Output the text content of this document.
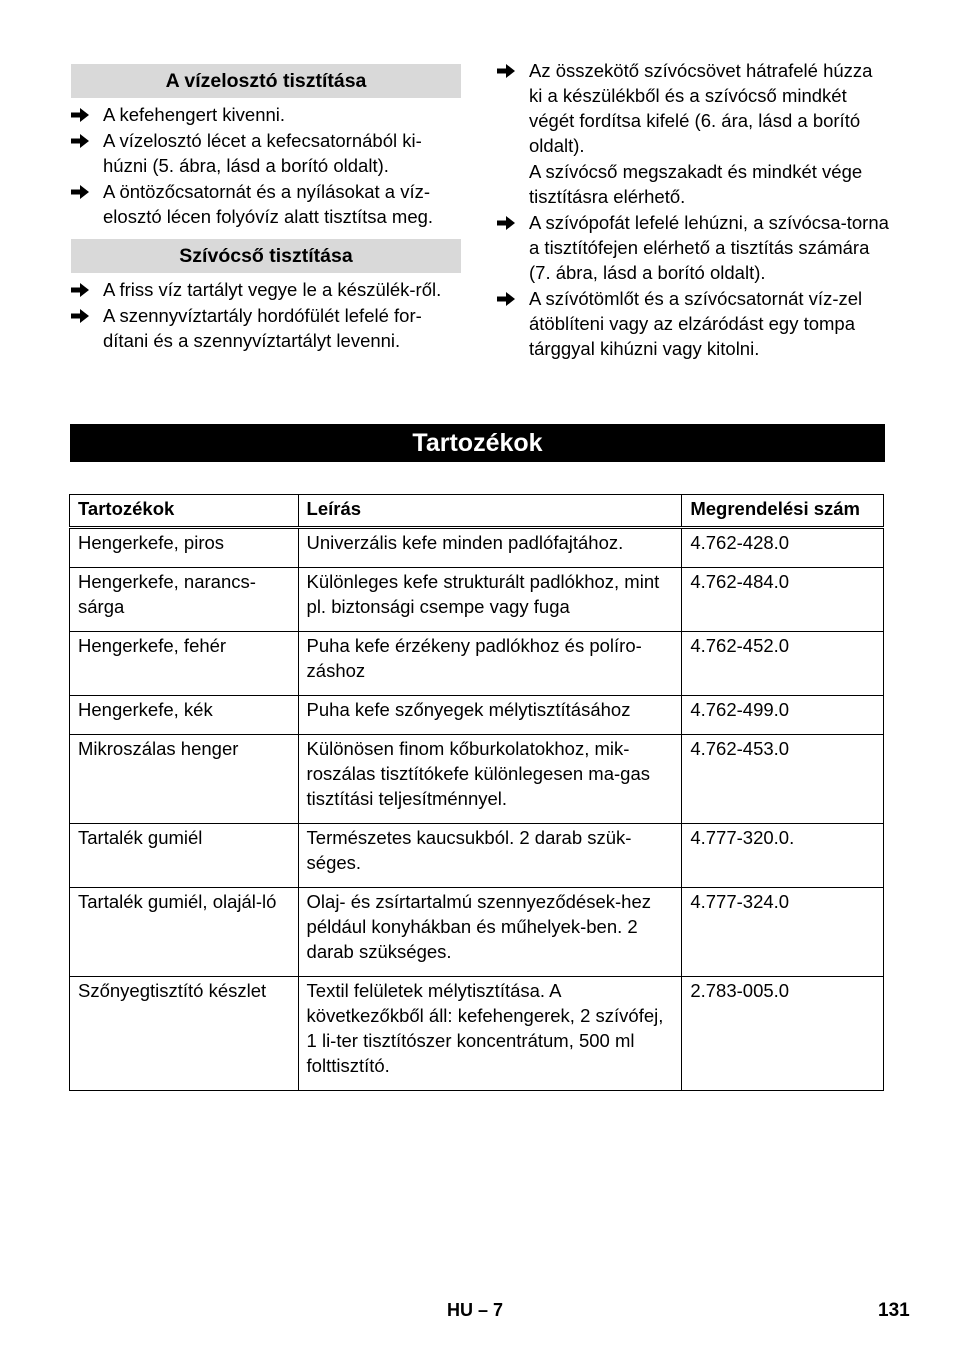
A vízelosztó tisztítása
A kefehengert kivenni.
A vízelosztó lécet a kefecsatornából ki-húzni (5. ábra, lásd a borító oldalt).
A öntözőcsatornát és a nyílásokat a víz-elosztó lécen folyóvíz alatt tisztítsa meg.
Szívócső tisztítása
A friss víz tartályt vegye le a készülék-ről.
A szennyvíztartály hordófülét lefelé for-dítani és a szennyvíztartályt levenni.
Az összekötő szívócsövet hátrafelé húzza ki a készülékből és a szívócső mindkét végét fordítsa kifelé (6. ára, lásd a borító oldalt).
A szívócső megszakadt és mindkét vége tisztításra elérhető.
A szívópofát lefelé lehúzni, a szívócsa-torna a tisztítófejen elérhető a tisztítás számára (7. ábra, lásd a borító oldalt).
A szívótömlőt és a szívócsatornát víz-zel átöblíteni vagy az elzáródást egy tompa tárggyal kihúzni vagy kitolni.
Tartozékok
Tartozékok	Leírás	Megrendelési szám
Hengerkefe, piros	Univerzális kefe minden padlófajtához.	4.762-428.0
Hengerkefe, narancs-sárga	Különleges kefe strukturált padlókhoz, mint pl. biztonsági csempe vagy fuga	4.762-484.0
Hengerkefe, fehér	Puha kefe érzékeny padlókhoz és políro-záshoz	4.762-452.0
Hengerkefe, kék	Puha kefe szőnyegek mélytisztításához	4.762-499.0
Mikroszálas henger	Különösen finom kőburkolatokhoz, mik-roszálas tisztítókefe különlegesen ma-gas tisztítási teljesítménnyel.	4.762-453.0
Tartalék gumiél	Természetes kaucsukból. 2 darab szük-séges.	4.777-320.0.
Tartalék gumiél, olajál-ló	Olaj- és zsírtartalmú szennyeződések-hez például konyhákban és műhelyek-ben. 2 darab szükséges.	4.777-324.0
Szőnyegtisztító készlet	Textil felületek mélytisztítása. A következőkből áll: kefehengerek, 2 szívófej, 1 li-ter tisztítószer koncentrátum, 500 ml folttisztító.	2.783-005.0
HU – 7	131
